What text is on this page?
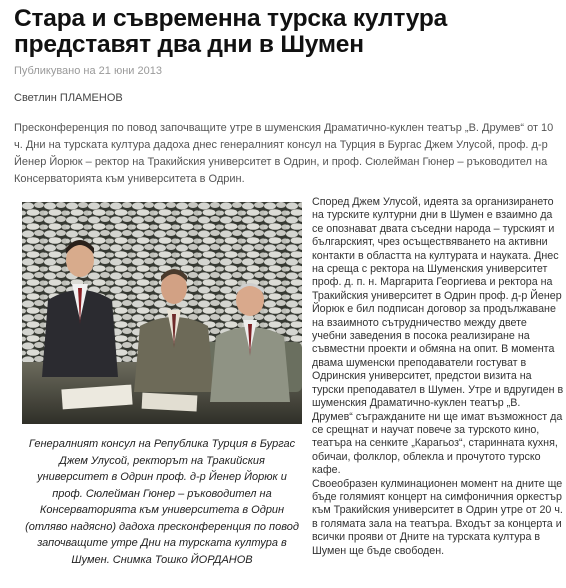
Стара и съвременна турска култура представят два дни в Шумен
Публикувано на 21 юни 2013
Светлин ПЛАМЕНОВ

Пресконференция по повод започващите утре в шуменския Драматично-куклен театър „В. Друмев“ от 10 ч. Дни на турската култура дадоха днес генералният консул на Турция в Бургас Джем Улусой, проф. д-р Йенер Йорюк – ректор на Тракийския университет в Одрин, и проф. Сюлейман Гюнер – ръководител на Консерваторията към университета в Одрин.

Генералният консул на Република Турция в Бургас Джем Улусой, ректорът на Тракийския университет в Одрин проф. д-р Йенер Йорюк и проф. Сюлейман Гюнер – ръководител на Консерваторията към университета в Одрин (отляво надясно) дадоха пресконференция по повод започващите утре Дни на турската култура в Шумен. Снимка Тошко ЙОРДАНОВ

Според Джем Улусой, идеята за организирането на турските културни дни в Шумен е взаимно да се опознават двата съседни народа – турският и българският, чрез осъществяването на активни контакти в областта на културата и науката. Днес на среща с ректора на Шуменския университет проф. д. п. н. Маргарита Георгиева и ректора на Тракийския университет в Одрин проф. д-р Йенер Йорюк е бил подписан договор за продължаване на взаимното сътрудничество между двете учебни заведения в посока реализиране на съвместни проекти и обмяна на опит. В момента двама шуменски преподаватели гостуват в Одринския университет, предстои визита на турски преподавател в Шумен. Утре и вдругиден в шуменския Драматично-куклен театър „В. Друмев“ съгражданите ни ще имат възможност да се срещнат и научат повече за турското кино, театъра на сенките „Карагьоз“, старинната кухня, обичаи, фолклор, облекла и прочутото турско кафе.

Своеобразен кулминационен момент на дните ще бъде голямият концерт на симфоничния оркестър към Тракийския университет в Одрин утре от 20 ч. в голямата зала на театъра. Входът за концерта и всички прояви от Дните на турската култура в Шумен ще бъде свободен.
